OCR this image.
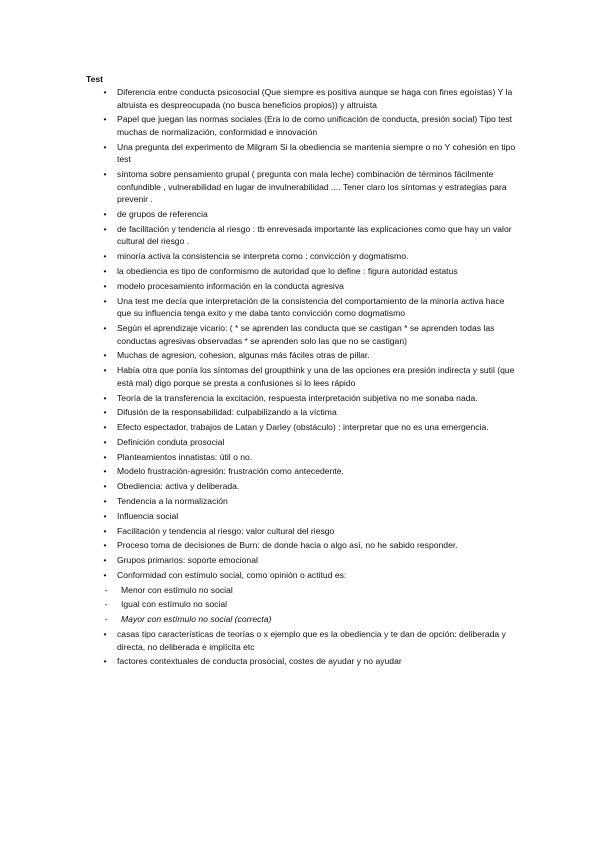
Test
•	Diferencia entre conducta psicosocial (Que siempre es positiva aunque se haga con fines egoístas) Y la altruista es despreocupada (no busca beneficios propios)) y altruista
•	Papel que juegan las normas sociales (Era lo de como unificación de conducta, presión social) Tipo test muchas de normalización, conformidad e innovación
•	Una pregunta del experimento de Milgram Si la obediencia se mantenía siempre o no Y cohesión en tipo test
•	síntoma sobre pensamiento grupal ( pregunta con mala leche) combinación de términos fácilmente confundible , vulnerabilidad en lugar de invulnerabilidad .... Tener claro los síntomas y estrategias para prevenir .
•	de grupos de referencia
•	de facilitación y tendencia al riesgo : tb enrevesada importante las explicaciones como que hay un valor cultural del riesgo .
•	minoría activa la consistencia se interpreta como : convicción y dogmatismo.
•	la obediencia es tipo de conformismo de autoridad que lo define : figura autoridad estatus
•	modelo procesamiento información en la conducta agresiva
•	Una test me decía que interpretación de la consistencia del comportamiento de la minoría activa hace que su influencia tenga exito y me daba tanto convicción como dogmatismo
•	Según el aprendizaje vicario: ( * se aprenden las conducta que se castigan * se aprenden todas las conductas agresivas observadas * se aprenden solo las que no se castigan)
•	Muchas de agresion, cohesion, algunas más fáciles otras de pillar.
•	Había otra que ponía los síntomas del groupthink y una de las opciones era presión indirecta y sutil (que está mal) digo porque se presta a confusiones si lo lees rápido
•	Teoría de la transferencia la excitación, respuesta interpretación subjetiva no me sonaba nada.
•	Difusión de la responsabilidad: culpabilizando a la víctima
•	Efecto espectador, trabajos de Latan y Darley (obstáculo) : interpretar que no es una emergencia.
•	Definición conduta prosocial
•	Planteamientos innatistas: útil o no.
•	Modelo frustración-agresión: frustración como antecedente.
•	Obediencia: activa y deliberada.
•	Tendencia a la normalización
•	Influencia social
•	Facilitación y tendencia al riesgo: valor cultural del riesgo
•	Proceso toma de decisiones de Burn: de donde hacia o algo así, no he sabido responder.
•	Grupos primarios: soporte emocional
•	Conformidad con estímulo social, como opinión o actitud es:
-	Menor con estímulo no social
-	Igual con estímulo no social
-	Mayor con estímulo no social (correcta)
•	casas tipo características de teorías o x ejemplo que es la obediencia y te dan de opción: deliberada y directa, no deliberada e implícita etc
•	factores contextuales de conducta prosocial, costes de ayudar y no ayudar
